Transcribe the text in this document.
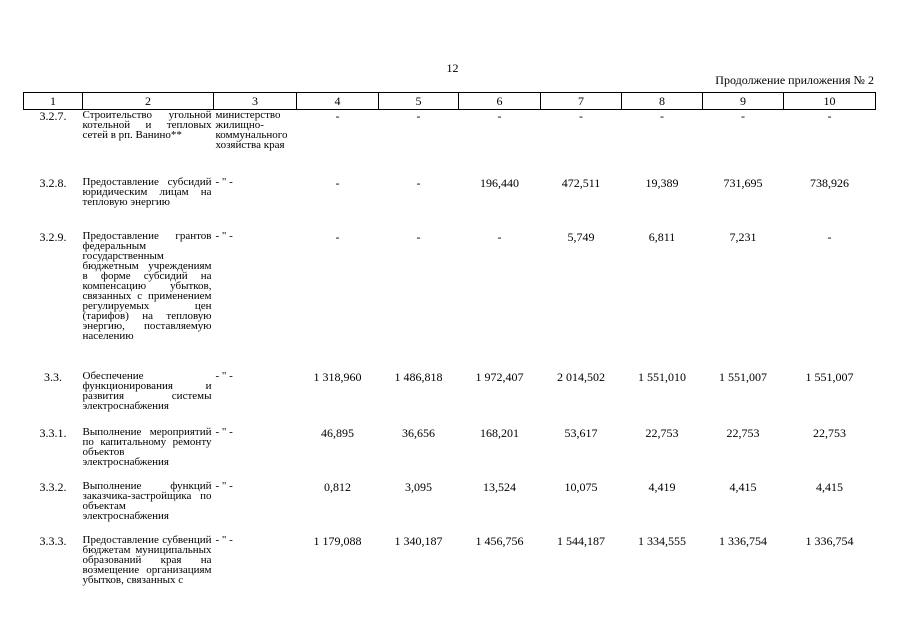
12
Продолжение приложения № 2
1	2	3	4	5	6	7	8	9	10
3.2.7.	Строительство угольной котельной и тепловых сетей в рп. Ванино**	министерство жилищно-коммунального хозяйства края	-	-	-	-	-	-	-

3.2.8.	Предоставление субсидий юридическим лицам на тепловую энергию	- " -	-	-	196,440	472,511	19,389	731,695	738,926

3.2.9.	Предоставление грантов федеральным государственным бюджетным учреждениям в форме субсидий на компенсацию убытков, связанных с применением регулируемых цен (тарифов) на тепловую энергию, поставляемую населению	- " -	-	-	-	5,749	6,811	7,231	-

3.3.	Обеспечение функционирования и развития системы электроснабжения	- " -	1 318,960	1 486,818	1 972,407	2 014,502	1 551,010	1 551,007	1 551,007

3.3.1.	Выполнение мероприятий по капитальному ремонту объектов электроснабжения	- " -	46,895	36,656	168,201	53,617	22,753	22,753	22,753

3.3.2.	Выполнение функций заказчика-застройщика по объектам электроснабжения	- " -	0,812	3,095	13,524	10,075	4,419	4,415	4,415

3.3.3.	Предоставление субвенций бюджетам муниципальных образований края на возмещение организациям убытков, связанных с	- " -	1 179,088	1 340,187	1 456,756	1 544,187	1 334,555	1 336,754	1 336,754
